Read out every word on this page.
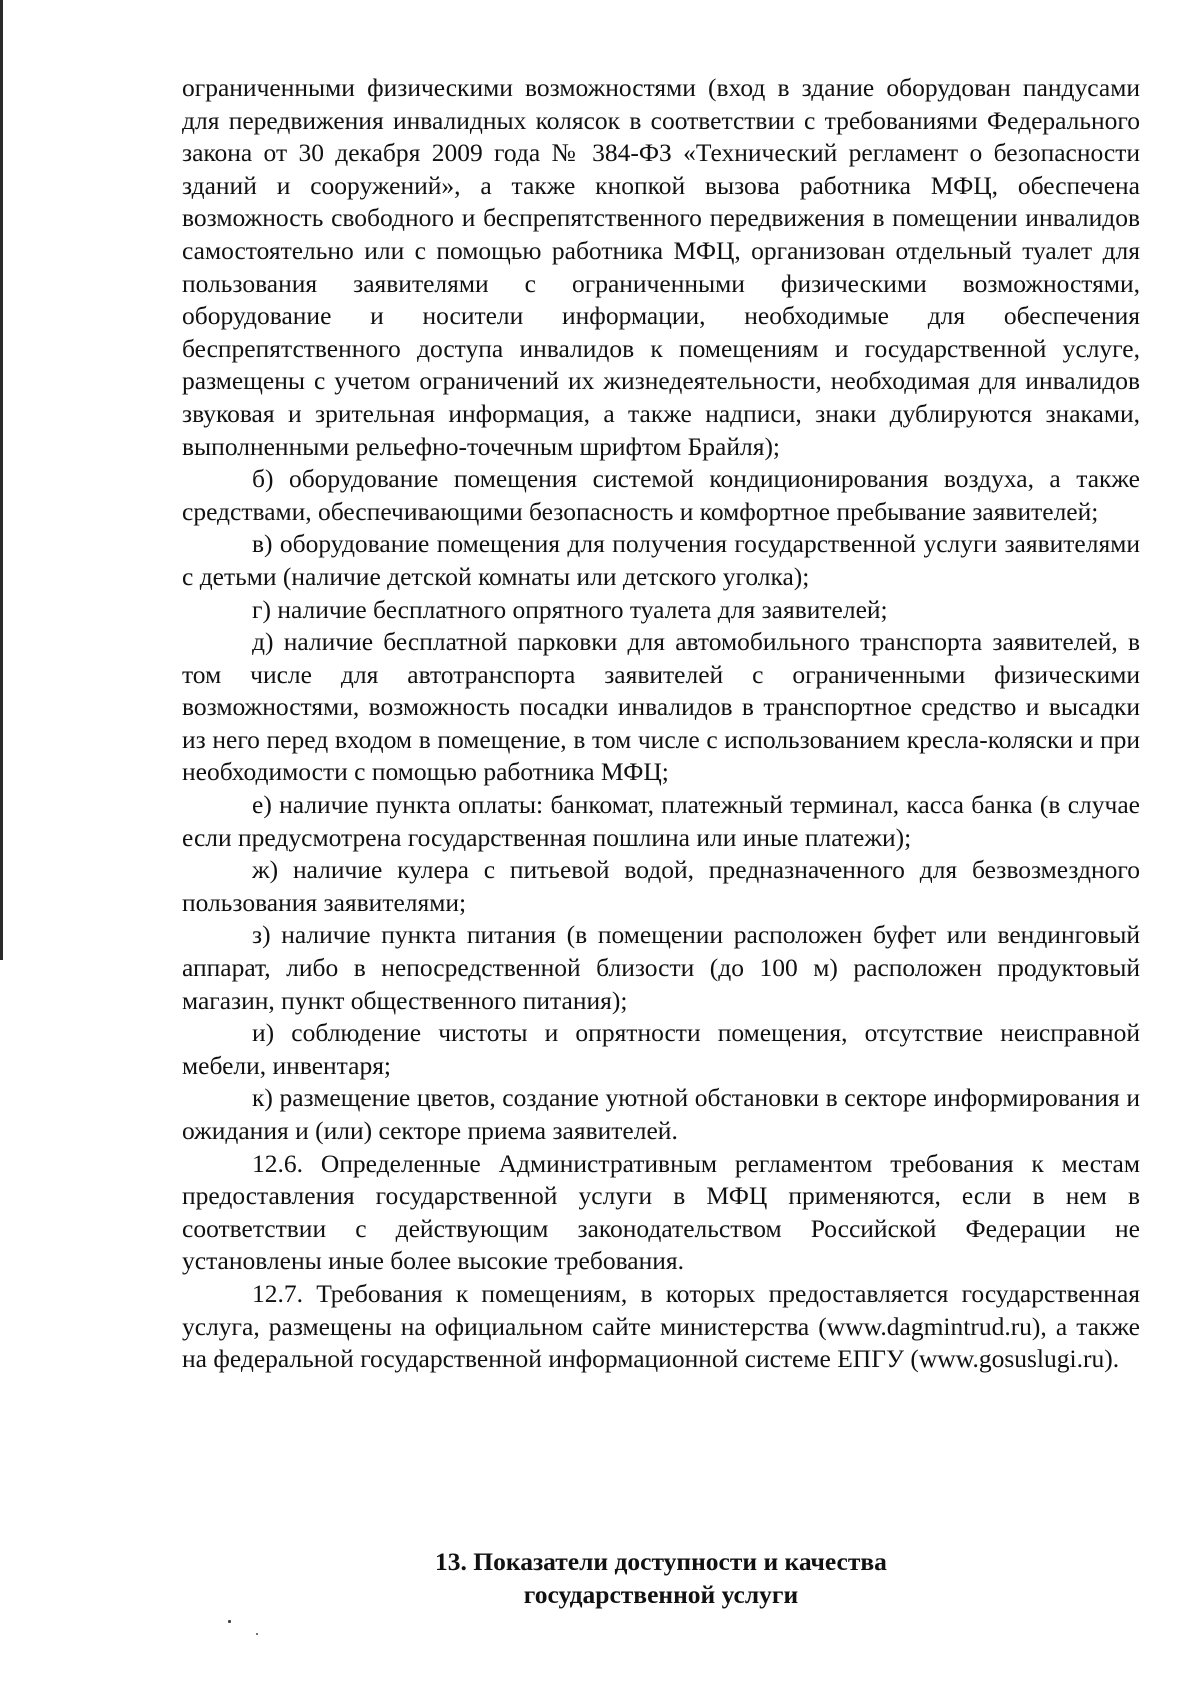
ограниченными физическими возможностями (вход в здание оборудован пандусами для передвижения инвалидных колясок в соответствии с требованиями Федерального закона от 30 декабря 2009 года № 384-ФЗ «Технический регламент о безопасности зданий и сооружений», а также кнопкой вызова работника МФЦ, обеспечена возможность свободного и беспрепятственного передвижения в помещении инвалидов самостоятельно или с помощью работника МФЦ, организован отдельный туалет для пользования заявителями с ограниченными физическими возможностями, оборудование и носители информации, необходимые для обеспечения беспрепятственного доступа инвалидов к помещениям и государственной услуге, размещены с учетом ограничений их жизнедеятельности, необходимая для инвалидов звуковая и зрительная информация, а также надписи, знаки дублируются знаками, выполненными рельефно-точечным шрифтом Брайля);

б) оборудование помещения системой кондиционирования воздуха, а также средствами, обеспечивающими безопасность и комфортное пребывание заявителей;

в) оборудование помещения для получения государственной услуги заявителями с детьми (наличие детской комнаты или детского уголка);

г) наличие бесплатного опрятного туалета для заявителей;

д) наличие бесплатной парковки для автомобильного транспорта заявителей, в том числе для автотранспорта заявителей с ограниченными физическими возможностями, возможность посадки инвалидов в транспортное средство и высадки из него перед входом в помещение, в том числе с использованием кресла-коляски и при необходимости с помощью работника МФЦ;

е) наличие пункта оплаты: банкомат, платежный терминал, касса банка (в случае если предусмотрена государственная пошлина или иные платежи);

ж) наличие кулера с питьевой водой, предназначенного для безвозмездного пользования заявителями;

з) наличие пункта питания (в помещении расположен буфет или вендинговый аппарат, либо в непосредственной близости (до 100 м) расположен продуктовый магазин, пункт общественного питания);

и) соблюдение чистоты и опрятности помещения, отсутствие неисправной мебели, инвентаря;

к) размещение цветов, создание уютной обстановки в секторе информирования и ожидания и (или) секторе приема заявителей.

12.6. Определенные Административным регламентом требования к местам предоставления государственной услуги в МФЦ применяются, если в нем в соответствии с действующим законодательством Российской Федерации не установлены иные более высокие требования.

12.7. Требования к помещениям, в которых предоставляется государственная услуга, размещены на официальном сайте министерства (www.dagmintrud.ru), а также на федеральной государственной информационной системе ЕПГУ (www.gosuslugi.ru).

13. Показатели доступности и качества
государственной услуги
